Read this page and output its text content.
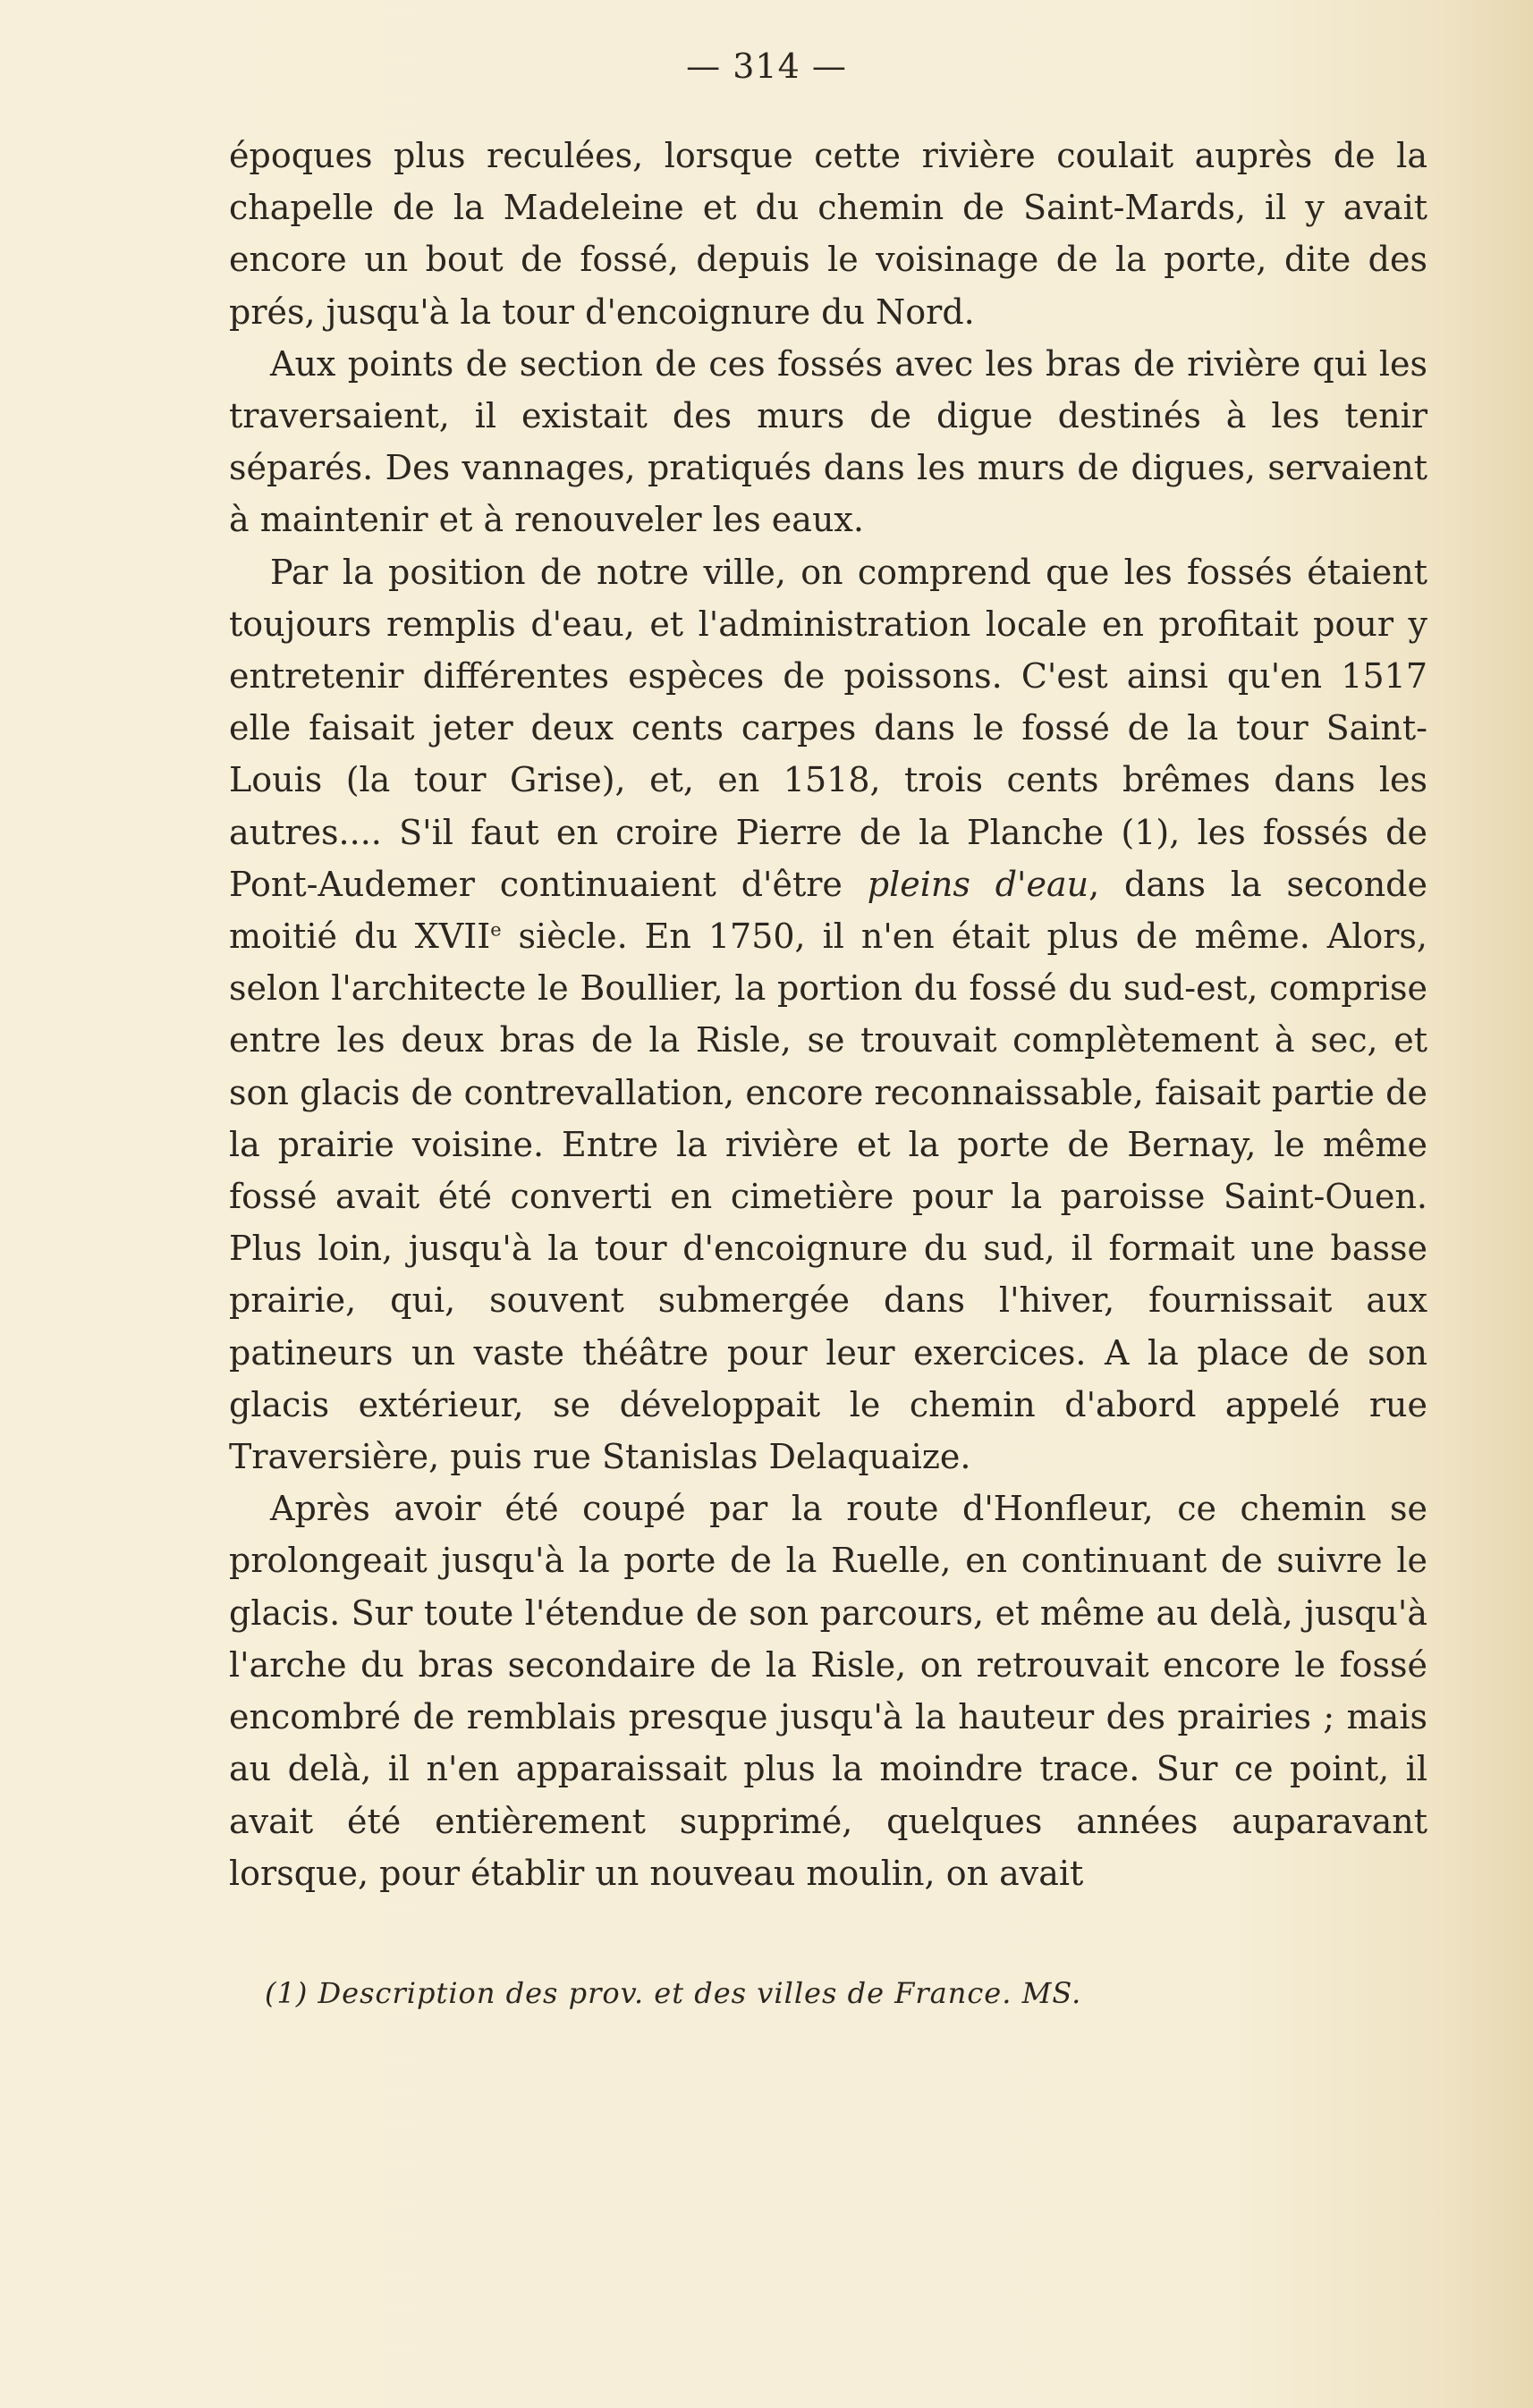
— 314 —

époques plus reculées, lorsque cette rivière coulait auprès de la chapelle de la Madeleine et du chemin de Saint-Mards, il y avait encore un bout de fossé, depuis le voisinage de la porte, dite des prés, jusqu'à la tour d'encoignure du Nord.

Aux points de section de ces fossés avec les bras de rivière qui les traversaient, il existait des murs de digue destinés à les tenir séparés. Des vannages, pratiqués dans les murs de digues, servaient à maintenir et à renouveler les eaux.

Par la position de notre ville, on comprend que les fossés étaient toujours remplis d'eau, et l'administration locale en profitait pour y entretenir différentes espèces de poissons. C'est ainsi qu'en 1517 elle faisait jeter deux cents carpes dans le fossé de la tour Saint-Louis (la tour Grise), et, en 1518, trois cents brêmes dans les autres.... S'il faut en croire Pierre de la Planche (1), les fossés de Pont-Audemer continuaient d'être pleins d'eau, dans la seconde moitié du XVIIe siècle. En 1750, il n'en était plus de même. Alors, selon l'architecte le Boullier, la portion du fossé du sud-est, comprise entre les deux bras de la Risle, se trouvait complètement à sec, et son glacis de contrevallation, encore reconnaissable, faisait partie de la prairie voisine. Entre la rivière et la porte de Bernay, le même fossé avait été converti en cimetière pour la paroisse Saint-Ouen. Plus loin, jusqu'à la tour d'encoignure du sud, il formait une basse prairie, qui, souvent submergée dans l'hiver, fournissait aux patineurs un vaste théâtre pour leur exercices. A la place de son glacis extérieur, se développait le chemin d'abord appelé rue Traversière, puis rue Stanislas Delaquaize.

Après avoir été coupé par la route d'Honfleur, ce chemin se prolongeait jusqu'à la porte de la Ruelle, en continuant de suivre le glacis. Sur toute l'étendue de son parcours, et même au delà, jusqu'à l'arche du bras secondaire de la Risle, on retrouvait encore le fossé encombré de remblais presque jusqu'à la hauteur des prairies ; mais au delà, il n'en apparaissait plus la moindre trace. Sur ce point, il avait été entièrement supprimé, quelques années auparavant lorsque, pour établir un nouveau moulin, on avait

(1) Description des prov. et des villes de France. MS.
